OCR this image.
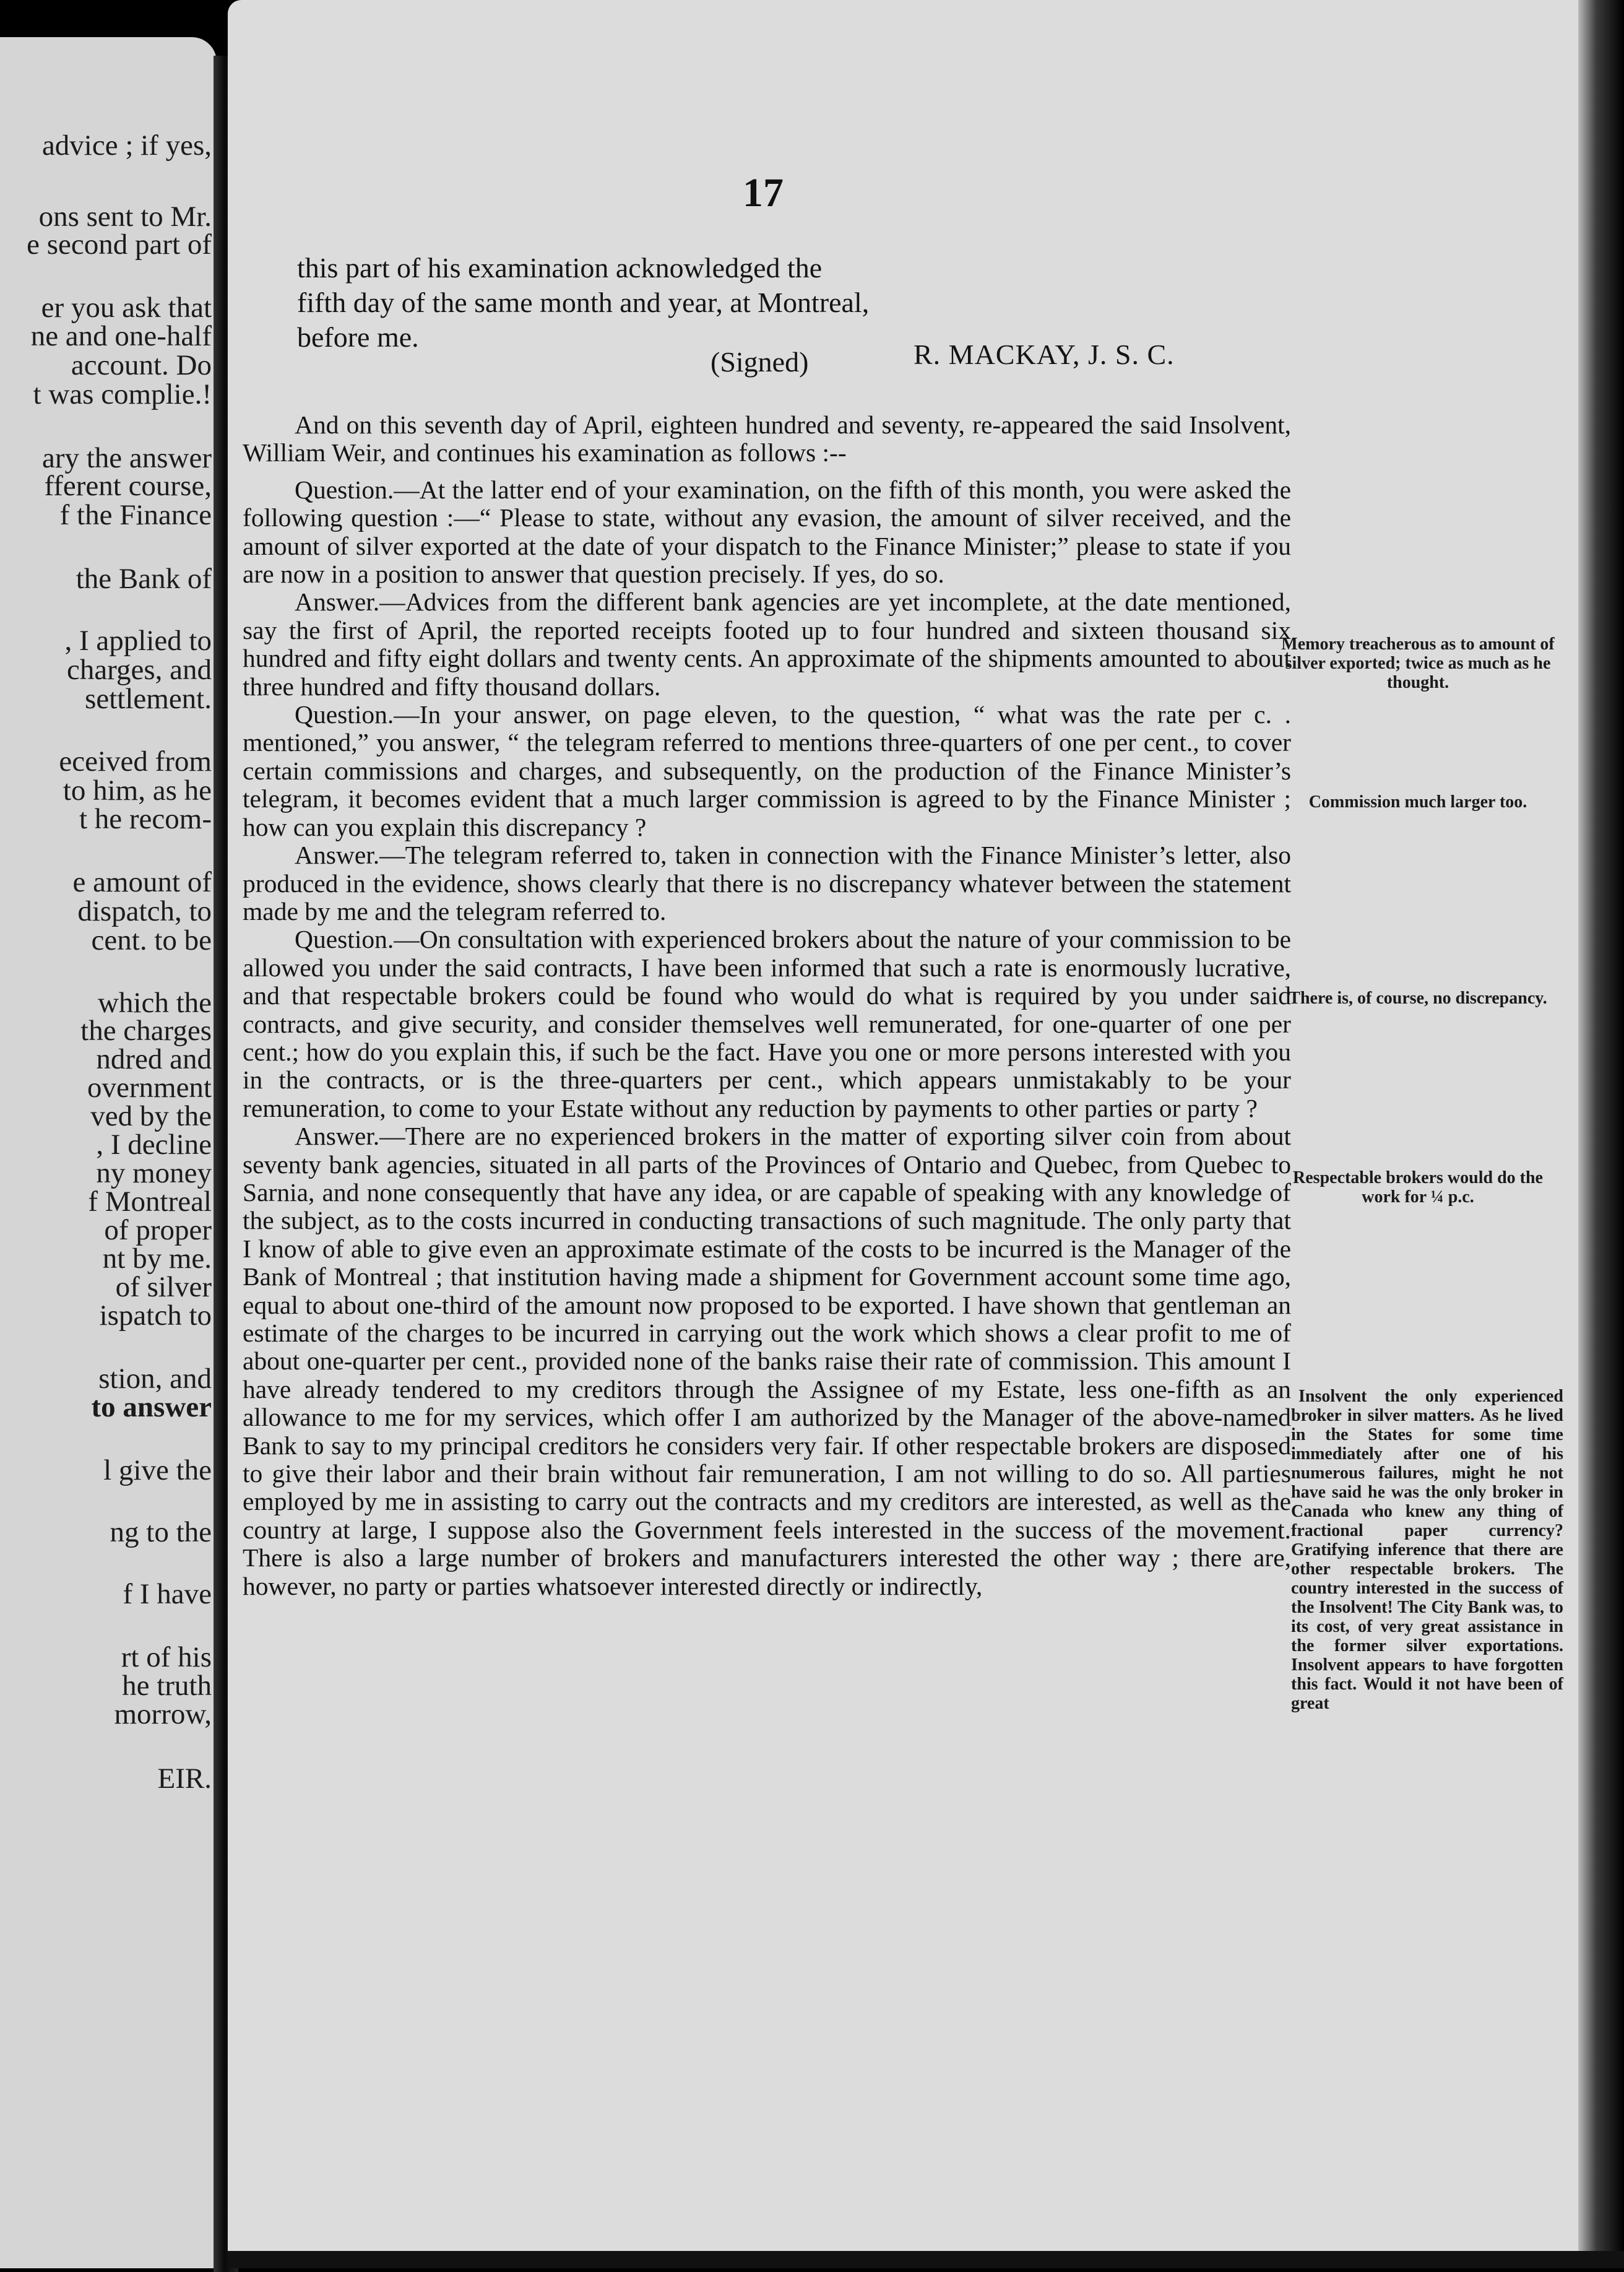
advice ; if yes,
ons sent to Mr.
e second part of
er you ask that
ne and one-half
account. Do
t was complie.!
ary the answer
fferent course,
f the Finance
the Bank of
, I applied to
charges, and
settlement.
eceived from
to him, as he
t he recom-
e amount of
dispatch, to
cent. to be
which the
the charges
ndred and
overnment
ved by the
, I decline
ny money
f Montreal
of proper
nt by me.
of silver
ispatch to
stion, and
to answer
l give the
ng to the
f I have
rt of his
he truth
morrow,
EIR.
17
this part of his examination acknowledged the
fifth day of the same month and year, at Montreal,
before me.
(Signed)	R. MACKAY, J. S. C.

And on this seventh day of April, eighteen hundred and seventy, re-appeared the said Insolvent, William Weir, and continues his examination as follows :--

Question.—At the latter end of your examination, on the fifth of this month, you were asked the following question :—“ Please to state, without any evasion, the amount of silver received, and the amount of silver exported at the date of your dispatch to the Finance Minister;” please to state if you are now in a position to answer that question precisely. If yes, do so.

Answer.—Advices from the different bank agencies are yet incomplete, at the date mentioned, say the first of April, the reported receipts footed up to four hundred and sixteen thousand six hundred and fifty eight dollars and twenty cents. An approximate of the shipments amounted to about three hundred and fifty thousand dollars.

Question.—In your answer, on page eleven, to the question, “ what was the rate per c. . mentioned,” you answer, “ the telegram referred to mentions three-quarters of one per cent., to cover certain commissions and charges, and subsequently, on the production of the Finance Minister’s telegram, it becomes evident that a much larger commission is agreed to by the Finance Minister ; how can you explain this discrepancy ?

Answer.—The telegram referred to, taken in connection with the Finance Minister’s letter, also produced in the evidence, shows clearly that there is no discrepancy whatever between the statement made by me and the telegram referred to.

Question.—On consultation with experienced brokers about the nature of your commission to be allowed you under the said contracts, I have been informed that such a rate is enormously lucrative, and that respectable brokers could be found who would do what is required by you under said contracts, and give security, and consider themselves well remunerated, for one-quarter of one per cent.; how do you explain this, if such be the fact. Have you one or more persons interested with you in the contracts, or is the three-quarters per cent., which appears unmistakably to be your remuneration, to come to your Estate without any reduction by payments to other parties or party ?

Answer.—There are no experienced brokers in the matter of exporting silver coin from about seventy bank agencies, situated in all parts of the Provinces of Ontario and Quebec, from Quebec to Sarnia, and none consequently that have any idea, or are capable of speaking with any knowledge of the subject, as to the costs incurred in conducting transactions of such magnitude. The only party that I know of able to give even an approximate estimate of the costs to be incurred is the Manager of the Bank of Montreal ; that institution having made a shipment for Government account some time ago, equal to about one-third of the amount now proposed to be exported. I have shown that gentleman an estimate of the charges to be incurred in carrying out the work which shows a clear profit to me of about one-quarter per cent., provided none of the banks raise their rate of commission. This amount I have already tendered to my creditors through the Assignee of my Estate, less one-fifth as an allowance to me for my services, which offer I am authorized by the Manager of the above-named Bank to say to my principal creditors he considers very fair. If other respectable brokers are disposed to give their labor and their brain without fair remuneration, I am not willing to do so. All parties employed by me in assisting to carry out the contracts and my creditors are interested, as well as the country at large, I suppose also the Government feels interested in the success of the movement. There is also a large number of brokers and manufacturers interested the other way ; there are, however, no party or parties whatsoever interested directly or indirectly,

Memory treacherous as to amount of silver exported; twice as much as he thought.
Commission much larger too.
There is, of course, no discrepancy.
Respectable brokers would do the work for ¼ p.c.
Insolvent the only experienced broker in silver matters. As he lived in the States for some time immediately after one of his numerous failures, might he not have said he was the only broker in Canada who knew any thing of fractional paper currency? Gratifying inference that there are other respectable brokers. The country interested in the success of the Insolvent! The City Bank was, to its cost, of very great assistance in the former silver exportations. Insolvent appears to have forgotten this fact. Would it not have been of great
